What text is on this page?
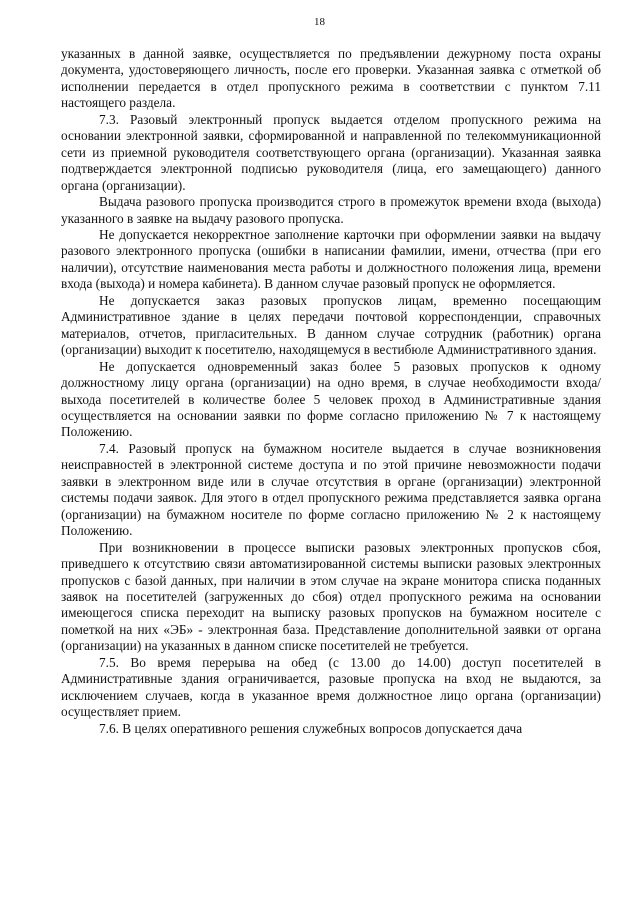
18

указанных в данной заявке, осуществляется по предъявлении дежурному поста охраны документа, удостоверяющего личность, после его проверки. Указанная заявка с отметкой об исполнении передается в отдел пропускного режима в соответствии с пунктом 7.11 настоящего раздела.

7.3. Разовый электронный пропуск выдается отделом пропускного режима на основании электронной заявки, сформированной и направленной по телекоммуникационной сети из приемной руководителя соответствующего органа (организации). Указанная заявка подтверждается электронной подписью руководителя (лица, его замещающего) данного органа (организации).

Выдача разового пропуска производится строго в промежуток времени входа (выхода) указанного в заявке на выдачу разового пропуска.

Не допускается некорректное заполнение карточки при оформлении заявки на выдачу разового электронного пропуска (ошибки в написании фамилии, имени, отчества (при его наличии), отсутствие наименования места работы и должностного положения лица, времени входа (выхода) и номера кабинета). В данном случае разовый пропуск не оформляется.

Не допускается заказ разовых пропусков лицам, временно посещающим Административное здание в целях передачи почтовой корреспонденции, справочных материалов, отчетов, пригласительных. В данном случае сотрудник (работник) органа (организации) выходит к посетителю, находящемуся в вестибюле Административного здания.

Не допускается одновременный заказ более 5 разовых пропусков к одному должностному лицу органа (организации) на одно время, в случае необходимости входа/выхода посетителей в количестве более 5 человек проход в Административные здания осуществляется на основании заявки по форме согласно приложению № 7 к настоящему Положению.

7.4. Разовый пропуск на бумажном носителе выдается в случае возникновения неисправностей в электронной системе доступа и по этой причине невозможности подачи заявки в электронном виде или в случае отсутствия в органе (организации) электронной системы подачи заявок. Для этого в отдел пропускного режима представляется заявка органа (организации) на бумажном носителе по форме согласно приложению № 2 к настоящему Положению.

При возникновении в процессе выписки разовых электронных пропусков сбоя, приведшего к отсутствию связи автоматизированной системы выписки разовых электронных пропусков с базой данных, при наличии в этом случае на экране монитора списка поданных заявок на посетителей (загруженных до сбоя) отдел пропускного режима на основании имеющегося списка переходит на выписку разовых пропусков на бумажном носителе с пометкой на них «ЭБ» - электронная база. Представление дополнительной заявки от органа (организации) на указанных в данном списке посетителей не требуется.

7.5. Во время перерыва на обед (с 13.00 до 14.00) доступ посетителей в Административные здания ограничивается, разовые пропуска на вход не выдаются, за исключением случаев, когда в указанное время должностное лицо органа (организации) осуществляет прием.

7.6. В целях оперативного решения служебных вопросов допускается дача
